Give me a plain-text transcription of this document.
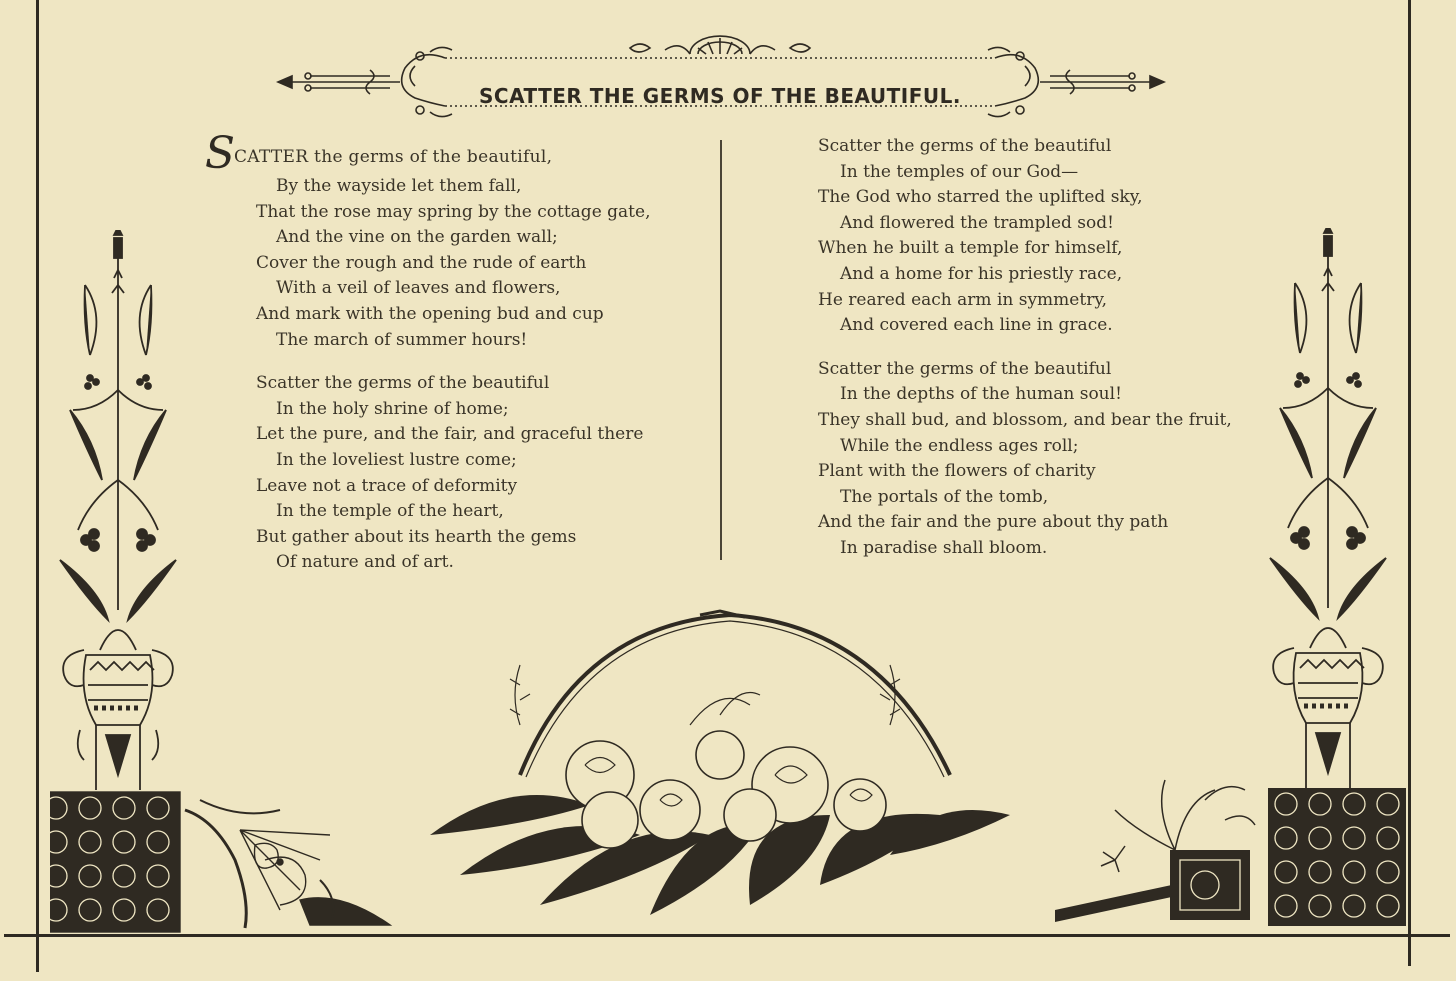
SCATTER THE GERMS OF THE BEAUTIFUL.
SCATTER the germs of the beautiful,
By the wayside let them fall,
That the rose may spring by the cottage gate,
And the vine on the garden wall;
Cover the rough and the rude of earth
With a veil of leaves and flowers,
And mark with the opening bud and cup
The march of summer hours!
Scatter the germs of the beautiful
In the holy shrine of home;
Let the pure, and the fair, and graceful there
In the loveliest lustre come;
Leave not a trace of deformity
In the temple of the heart,
But gather about its hearth the gems
Of nature and of art.
Scatter the germs of the beautiful
In the temples of our God—
The God who starred the uplifted sky,
And flowered the trampled sod!
When he built a temple for himself,
And a home for his priestly race,
He reared each arm in symmetry,
And covered each line in grace.
Scatter the germs of the beautiful
In the depths of the human soul!
They shall bud, and blossom, and bear the fruit,
While the endless ages roll;
Plant with the flowers of charity
The portals of the tomb,
And the fair and the pure about thy path
In paradise shall bloom.
